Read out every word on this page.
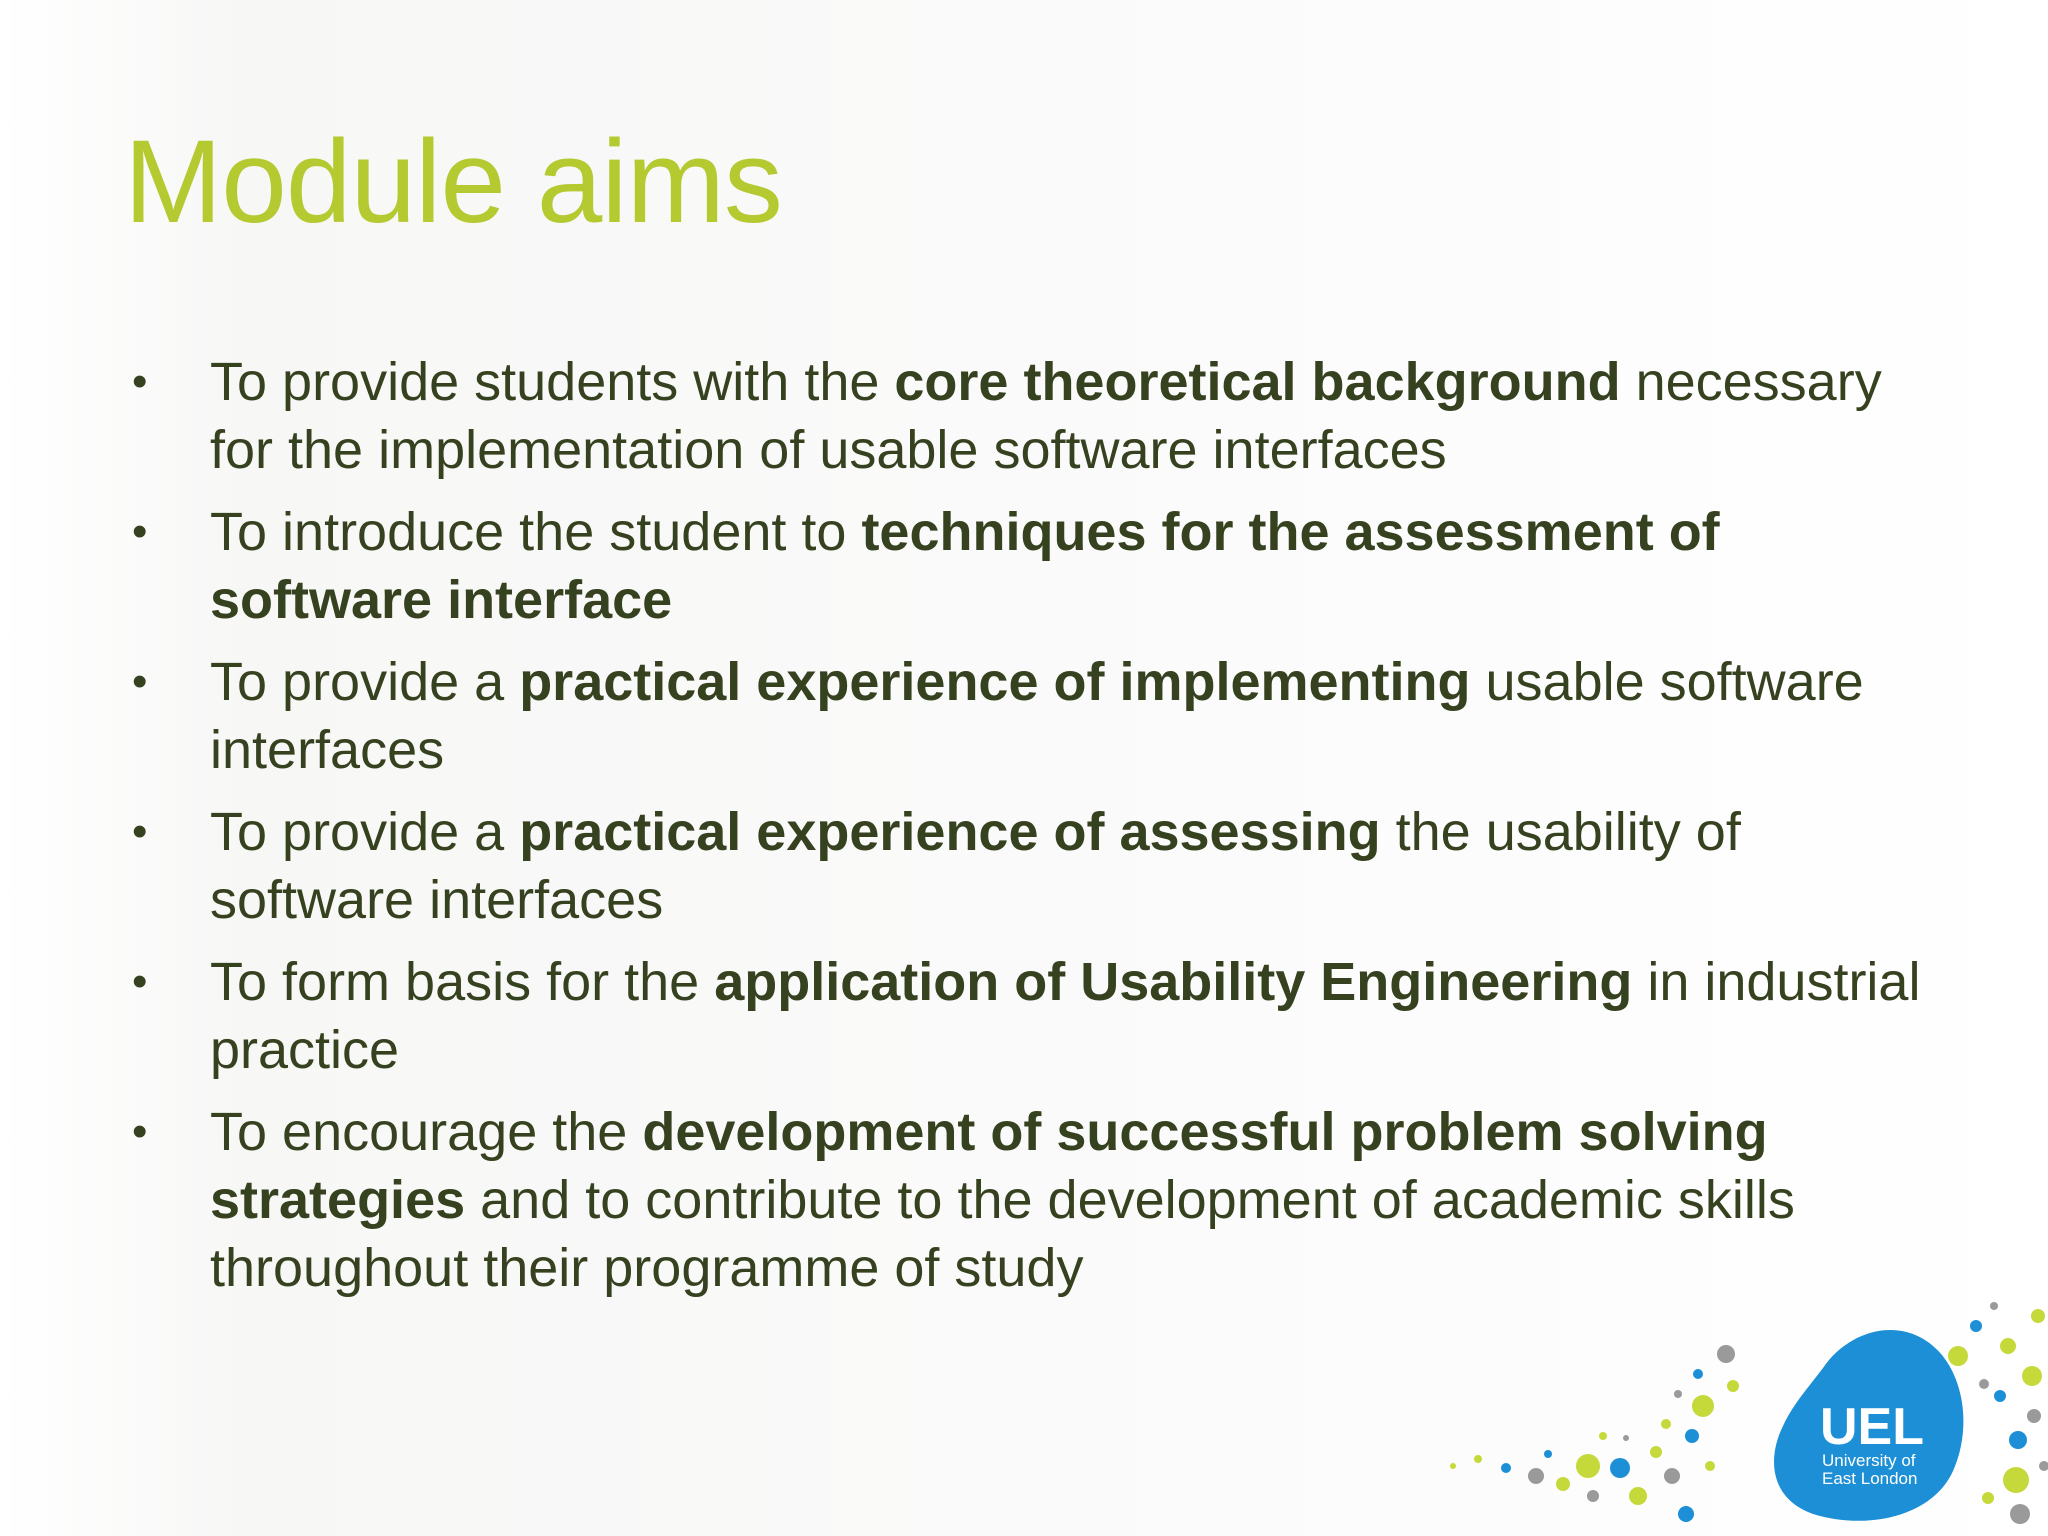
Module aims
• To provide students with the core theoretical background necessary for the implementation of usable software interfaces
• To introduce the student to techniques for the assessment of software interface
• To provide a practical experience of implementing usable software interfaces
• To provide a practical experience of assessing the usability of software interfaces
• To form basis for the application of Usability Engineering in industrial practice
• To encourage the development of successful problem solving strategies and to contribute to the development of academic skills throughout their programme of study
UEL
University of
East London
